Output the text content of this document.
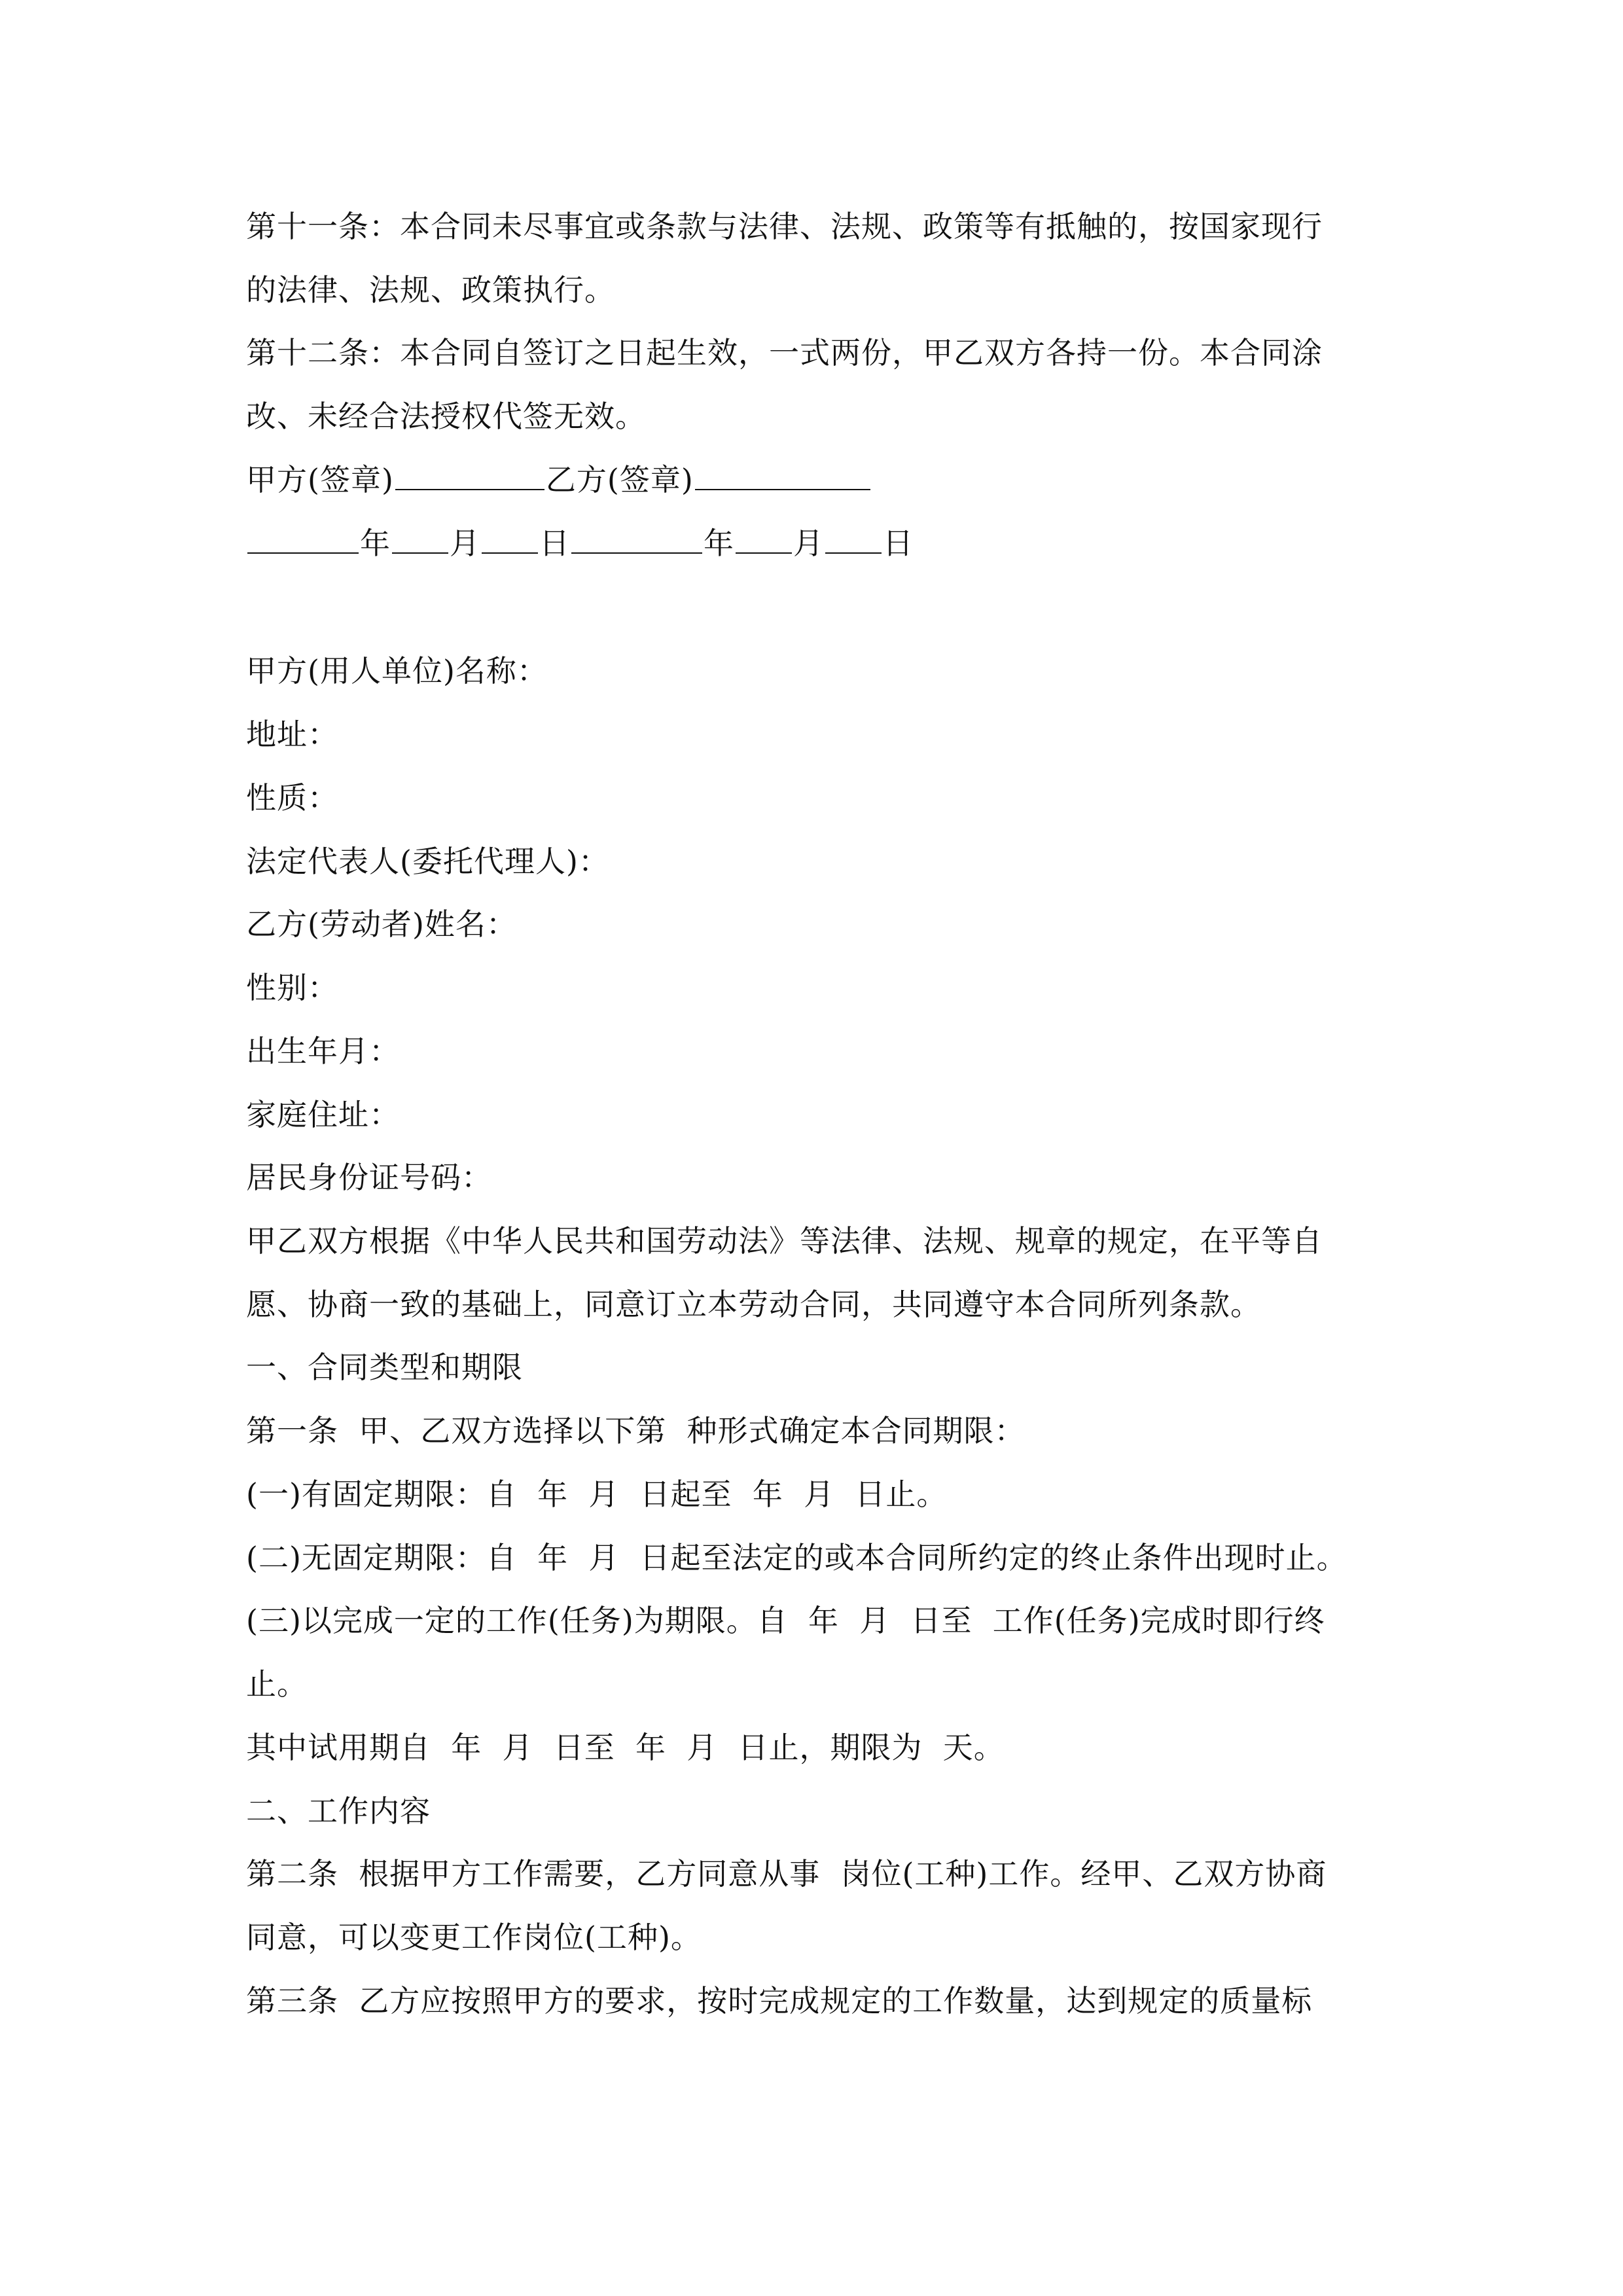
第十一条：本合同未尽事宜或条款与法律、法规、政策等有抵触的，按国家现行
的法律、法规、政策执行。
第十二条：本合同自签订之日起生效，一式两份，甲乙双方各持一份。本合同涂
改、未经合法授权代签无效。
甲方(签章)	乙方(签章)
年 月 日	年 月 日
甲方(用人单位)名称：
地址：
性质：
法定代表人(委托代理人)：
乙方(劳动者)姓名：
性别：
出生年月：
家庭住址：
居民身份证号码：
甲乙双方根据《中华人民共和国劳动法》等法律、法规、规章的规定，在平等自
愿、协商一致的基础上，同意订立本劳动合同，共同遵守本合同所列条款。
一、合同类型和期限
第一条  甲、乙双方选择以下第  种形式确定本合同期限：
(一)有固定期限：自  年  月  日起至  年  月  日止。
(二)无固定期限：自  年  月  日起至法定的或本合同所约定的终止条件出现时止。
(三)以完成一定的工作(任务)为期限。自  年  月  日至  工作(任务)完成时即行终
止。
其中试用期自  年  月  日至  年  月  日止，期限为  天。
二、工作内容
第二条  根据甲方工作需要，乙方同意从事  岗位(工种)工作。经甲、乙双方协商
同意，可以变更工作岗位(工种)。
第三条  乙方应按照甲方的要求，按时完成规定的工作数量，达到规定的质量标
